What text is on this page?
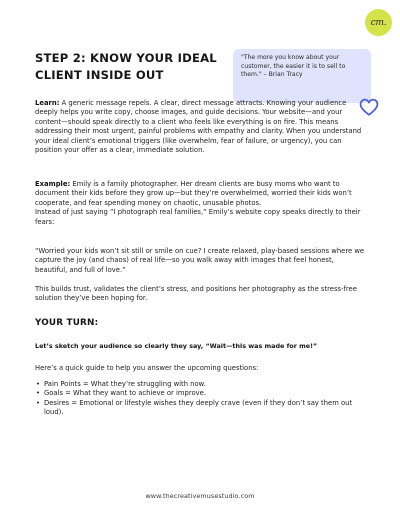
cm.
STEP 2: KNOW YOUR IDEAL
CLIENT INSIDE OUT
"The more you know about your customer, the easier it is to sell to them." – Brian Tracy
Learn: A generic message repels. A clear, direct message attracts. Knowing your audience deeply helps you write copy, choose images, and guide decisions. Your website—and your content—should speak directly to a client who feels like everything is on fire. This means addressing their most urgent, painful problems with empathy and clarity. When you understand your ideal client’s emotional triggers (like overwhelm, fear of failure, or urgency), you can position your offer as a clear, immediate solution.
Example: Emily is a family photographer. Her dream clients are busy moms who want to document their kids before they grow up—but they’re overwhelmed, worried their kids won’t cooperate, and fear spending money on chaotic, unusable photos.
Instead of just saying “I photograph real families,” Emily’s website copy speaks directly to their fears:
“Worried your kids won’t sit still or smile on cue? I create relaxed, play-based sessions where we capture the joy (and chaos) of real life—so you walk away with images that feel honest, beautiful, and full of love.”
This builds trust, validates the client’s stress, and positions her photography as the stress-free solution they’ve been hoping for.
YOUR TURN:
Let’s sketch your audience so clearly they say, “Wait—this was made for me!”
Here’s a quick guide to help you answer the upcoming questions:
• Pain Points = What they’re struggling with now.
• Goals = What they want to achieve or improve.
• Desires = Emotional or lifestyle wishes they deeply crave (even if they don’t say them out loud).
www.thecreativemusestudio.com
